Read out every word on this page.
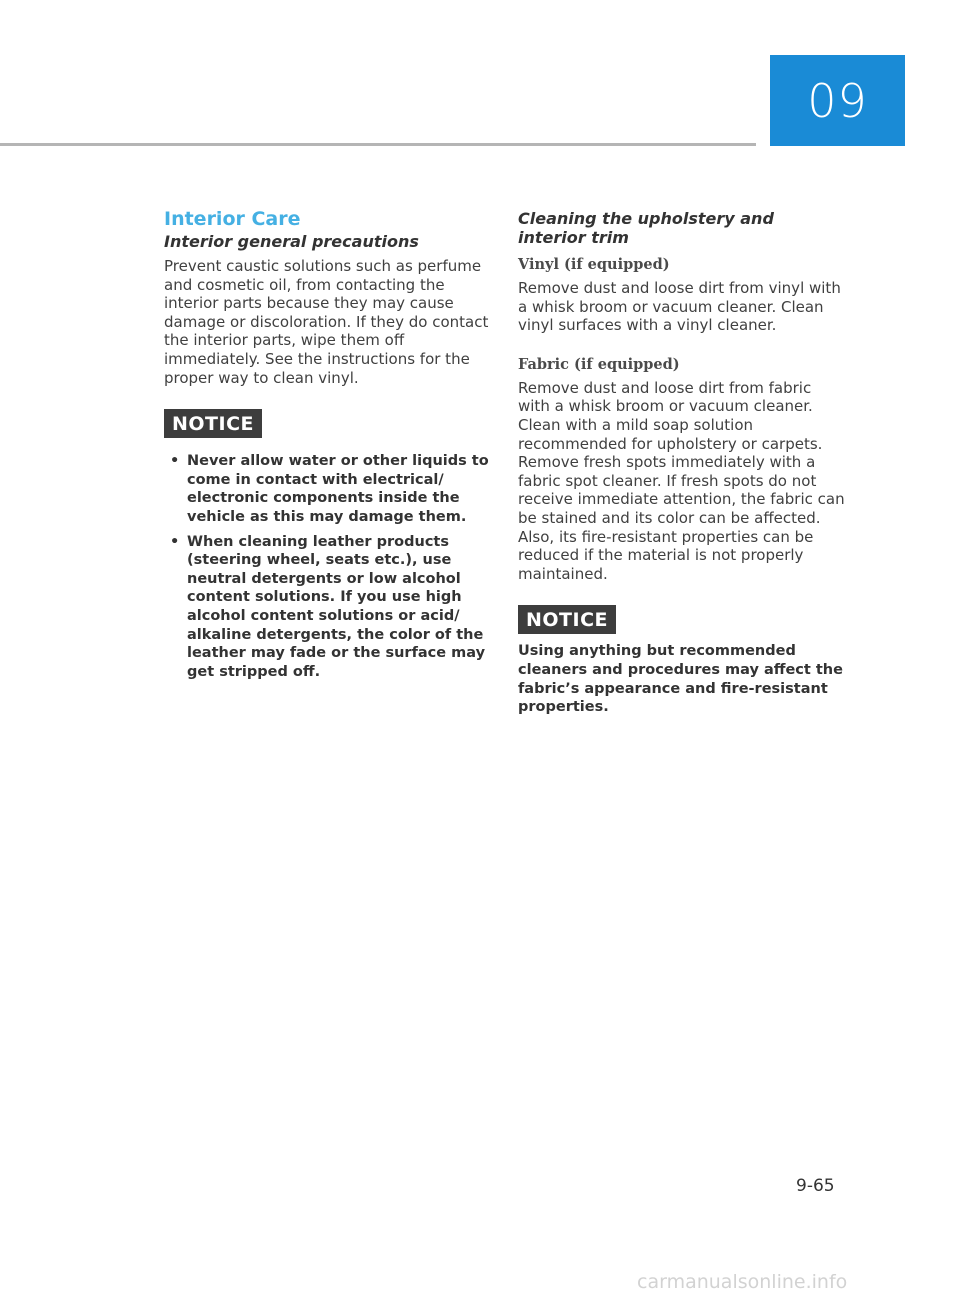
09
Interior Care
Interior general precautions

Prevent caustic solutions such as perfume and cosmetic oil, from contacting the interior parts because they may cause damage or discoloration. If they do contact the interior parts, wipe them off immediately. See the instructions for the proper way to clean vinyl.

NOTICE
• Never allow water or other liquids to come in contact with electrical/ electronic components inside the vehicle as this may damage them.
• When cleaning leather products (steering wheel, seats etc.), use neutral detergents or low alcohol content solutions. If you use high alcohol content solutions or acid/ alkaline detergents, the color of the leather may fade or the surface may get stripped off.
Cleaning the upholstery and interior trim

Vinyl (if equipped)

Remove dust and loose dirt from vinyl with a whisk broom or vacuum cleaner. Clean vinyl surfaces with a vinyl cleaner.

Fabric (if equipped)

Remove dust and loose dirt from fabric with a whisk broom or vacuum cleaner. Clean with a mild soap solution recommended for upholstery or carpets. Remove fresh spots immediately with a fabric spot cleaner. If fresh spots do not receive immediate attention, the fabric can be stained and its color can be affected. Also, its fire-resistant properties can be reduced if the material is not properly maintained.

NOTICE

Using anything but recommended cleaners and procedures may affect the fabric’s appearance and fire-resistant properties.

9-65
carmanualsonline.info
